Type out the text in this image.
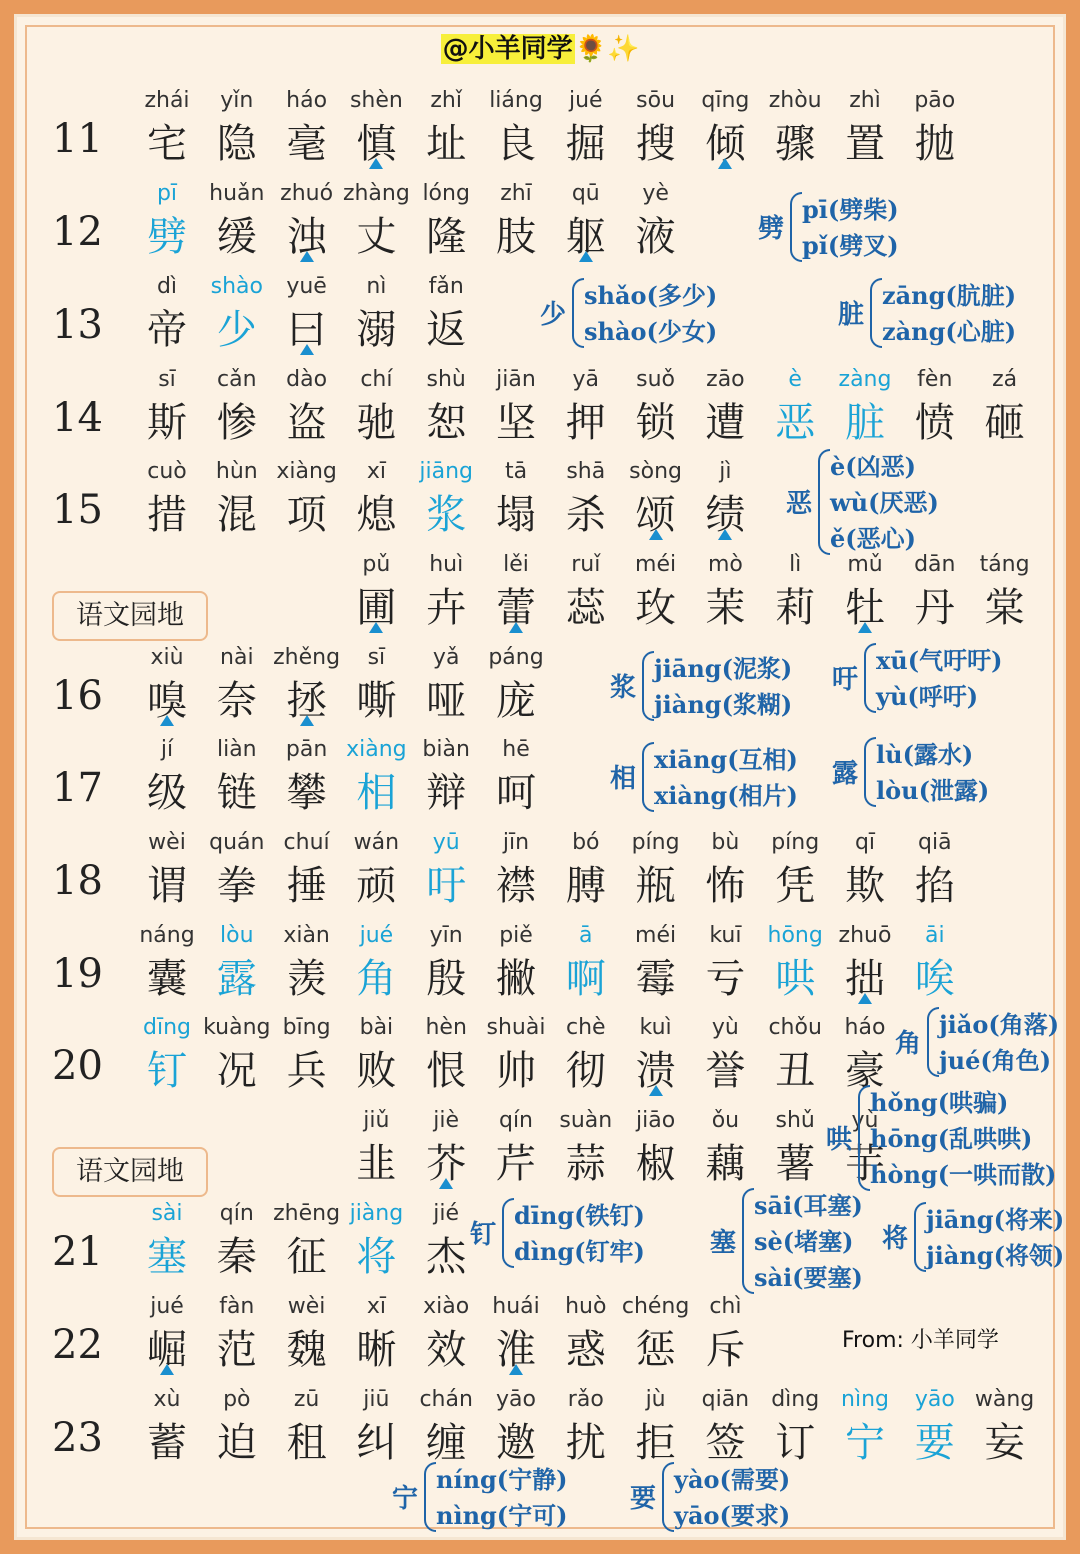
@小羊同学🌻✨
11
zhái
宅
yǐn
隐
háo
毫
shèn
慎
zhǐ
址
liáng
良
jué
掘
sōu
搜
qīng
倾
zhòu
骤
zhì
置
pāo
抛
12
pī
劈
huǎn
缓
zhuó
浊
zhàng
丈
lóng
隆
zhī
肢
qū
躯
yè
液
13
dì
帝
shào
少
yuē
曰
nì
溺
fǎn
返
14
sī
斯
cǎn
惨
dào
盗
chí
驰
shù
恕
jiān
坚
yā
押
suǒ
锁
zāo
遭
è
恶
zàng
脏
fèn
愤
zá
砸
15
cuò
措
hùn
混
xiàng
项
xī
熄
jiāng
浆
tā
塌
shā
杀
sòng
颂
jì
绩
语文园地
pǔ
圃
huì
卉
lěi
蕾
ruǐ
蕊
méi
玫
mò
茉
lì
莉
mǔ
牡
dān
丹
táng
棠
16
xiù
嗅
nài
奈
zhěng
拯
sī
嘶
yǎ
哑
páng
庞
17
jí
级
liàn
链
pān
攀
xiàng
相
biàn
辩
hē
呵
18
wèi
谓
quán
拳
chuí
捶
wán
顽
yū
吁
jīn
襟
bó
膊
píng
瓶
bù
怖
píng
凭
qī
欺
qiā
掐
19
náng
囊
lòu
露
xiàn
羡
jué
角
yīn
殷
piě
撇
ā
啊
méi
霉
kuī
亏
hōng
哄
zhuō
拙
āi
唉
20
dīng
钉
kuàng
况
bīng
兵
bài
败
hèn
恨
shuài
帅
chè
彻
kuì
溃
yù
誉
chǒu
丑
háo
豪
语文园地
jiǔ
韭
jiè
芥
qín
芹
suàn
蒜
jiāo
椒
ǒu
藕
shǔ
薯
yù
芋
21
sài
塞
qín
秦
zhēng
征
jiàng
将
jié
杰
22
jué
崛
fàn
范
wèi
魏
xī
晰
xiào
效
huái
淮
huò
惑
chéng
惩
chì
斥
23
xù
蓄
pò
迫
zū
租
jiū
纠
chán
缠
yāo
邀
rǎo
扰
jù
拒
qiān
签
dìng
订
nìng
宁
yāo
要
wàng
妄
劈
pī(劈柴)
pǐ(劈叉)
少
shǎo(多少)
shào(少女)
脏
zāng(肮脏)
zàng(心脏)
恶
è(凶恶)
wù(厌恶)
ě(恶心)
浆
jiāng(泥浆)
jiàng(浆糊)
吁
xū(气吁吁)
yù(呼吁)
相
xiāng(互相)
xiàng(相片)
露
lù(露水)
lòu(泄露)
角
jiǎo(角落)
jué(角色)
哄
hǒng(哄骗)
hōng(乱哄哄)
hòng(一哄而散)
钉
dīng(铁钉)
dìng(钉牢)	塞
sāi(耳塞)
sè(堵塞)
sài(要塞)
将
jiāng(将来)
jiàng(将领)
宁
níng(宁静)
nìng(宁可)
要
yào(需要)
yāo(要求)
From: 小羊同学
